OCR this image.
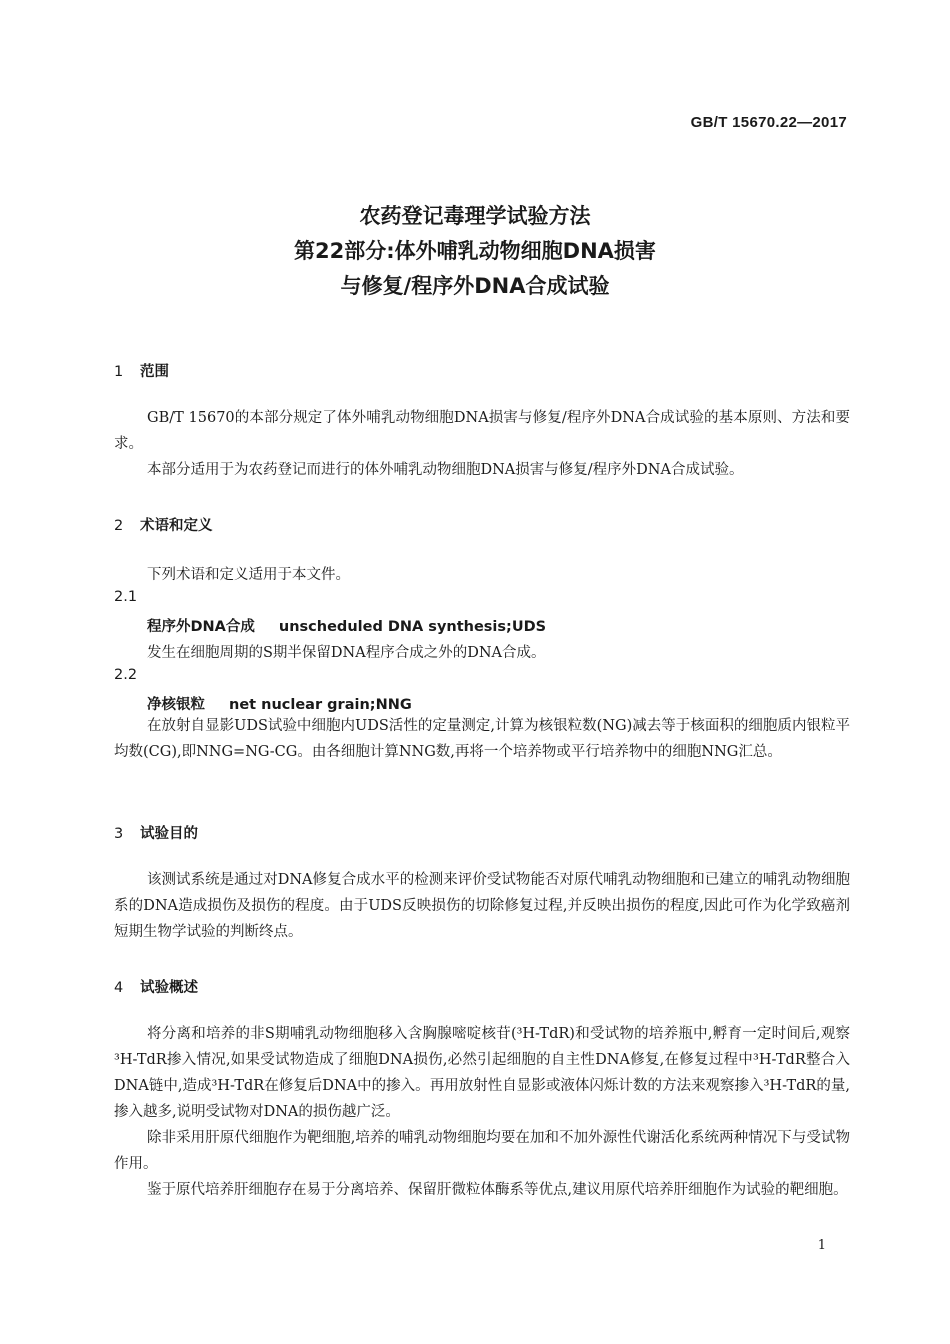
GB/T 15670.22—2017
农药登记毒理学试验方法
第22部分:体外哺乳动物细胞DNA损害
与修复/程序外DNA合成试验
1 范围
GB/T 15670的本部分规定了体外哺乳动物细胞DNA损害与修复/程序外DNA合成试验的基本原则、方法和要求。
本部分适用于为农药登记而进行的体外哺乳动物细胞DNA损害与修复/程序外DNA合成试验。
2 术语和定义
下列术语和定义适用于本文件。
2.1
程序外DNA合成 unscheduled DNA synthesis;UDS
发生在细胞周期的S期半保留DNA程序合成之外的DNA合成。
2.2
净核银粒 net nuclear grain;NNG
在放射自显影UDS试验中细胞内UDS活性的定量测定,计算为核银粒数(NG)减去等于核面积的细胞质内银粒平均数(CG),即NNG=NG-CG。由各细胞计算NNG数,再将一个培养物或平行培养物中的细胞NNG汇总。
3 试验目的
该测试系统是通过对DNA修复合成水平的检测来评价受试物能否对原代哺乳动物细胞和已建立的哺乳动物细胞系的DNA造成损伤及损伤的程度。由于UDS反映损伤的切除修复过程,并反映出损伤的程度,因此可作为化学致癌剂短期生物学试验的判断终点。
4 试验概述
将分离和培养的非S期哺乳动物细胞移入含胸腺嘧啶核苷(³H-TdR)和受试物的培养瓶中,孵育一定时间后,观察³H-TdR掺入情况,如果受试物造成了细胞DNA损伤,必然引起细胞的自主性DNA修复,在修复过程中³H-TdR整合入DNA链中,造成³H-TdR在修复后DNA中的掺入。再用放射性自显影或液体闪烁计数的方法来观察掺入³H-TdR的量,掺入越多,说明受试物对DNA的损伤越广泛。
除非采用肝原代细胞作为靶细胞,培养的哺乳动物细胞均要在加和不加外源性代谢活化系统两种情况下与受试物作用。
鉴于原代培养肝细胞存在易于分离培养、保留肝微粒体酶系等优点,建议用原代培养肝细胞作为试验的靶细胞。
1
